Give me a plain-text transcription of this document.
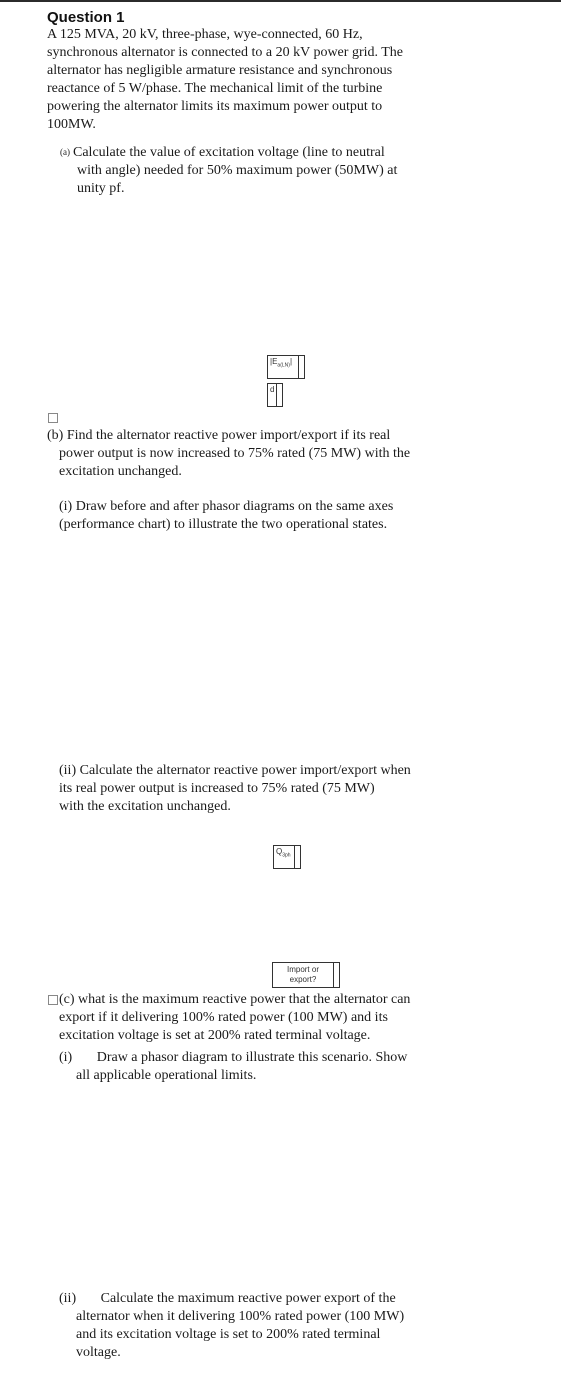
Question 1
A 125 MVA, 20 kV, three-phase, wye-connected, 60 Hz,
synchronous alternator is connected to a 20 kV power grid. The
alternator has negligible armature resistance and synchronous
reactance of 5 W/phase. The mechanical limit of the turbine
powering the alternator limits its maximum power output to
100MW.
(a) Calculate the value of excitation voltage (line to neutral
with angle) needed for 50% maximum power (50MW) at
unity pf.
$|E_{a(LN)}|$
d
(b) Find the alternator reactive power import/export if its real
power output is now increased to 75% rated (75 MW) with the
excitation unchanged.
(i) Draw before and after phasor diagrams on the same axes
(performance chart) to illustrate the two operational states.
(ii) Calculate the alternator reactive power import/export when
its real power output is increased to 75% rated (75 MW)
with the excitation unchanged.
$Q_{3ph}$
Import or
export?
(c) what is the maximum reactive power that the alternator can
export if it delivering 100% rated power (100 MW) and its
excitation voltage is set at 200% rated terminal voltage.
(i)       Draw a phasor diagram to illustrate this scenario. Show
all applicable operational limits.
(ii)       Calculate the maximum reactive power export of the
alternator when it delivering 100% rated power (100 MW)
and its excitation voltage is set to 200% rated terminal
voltage.
